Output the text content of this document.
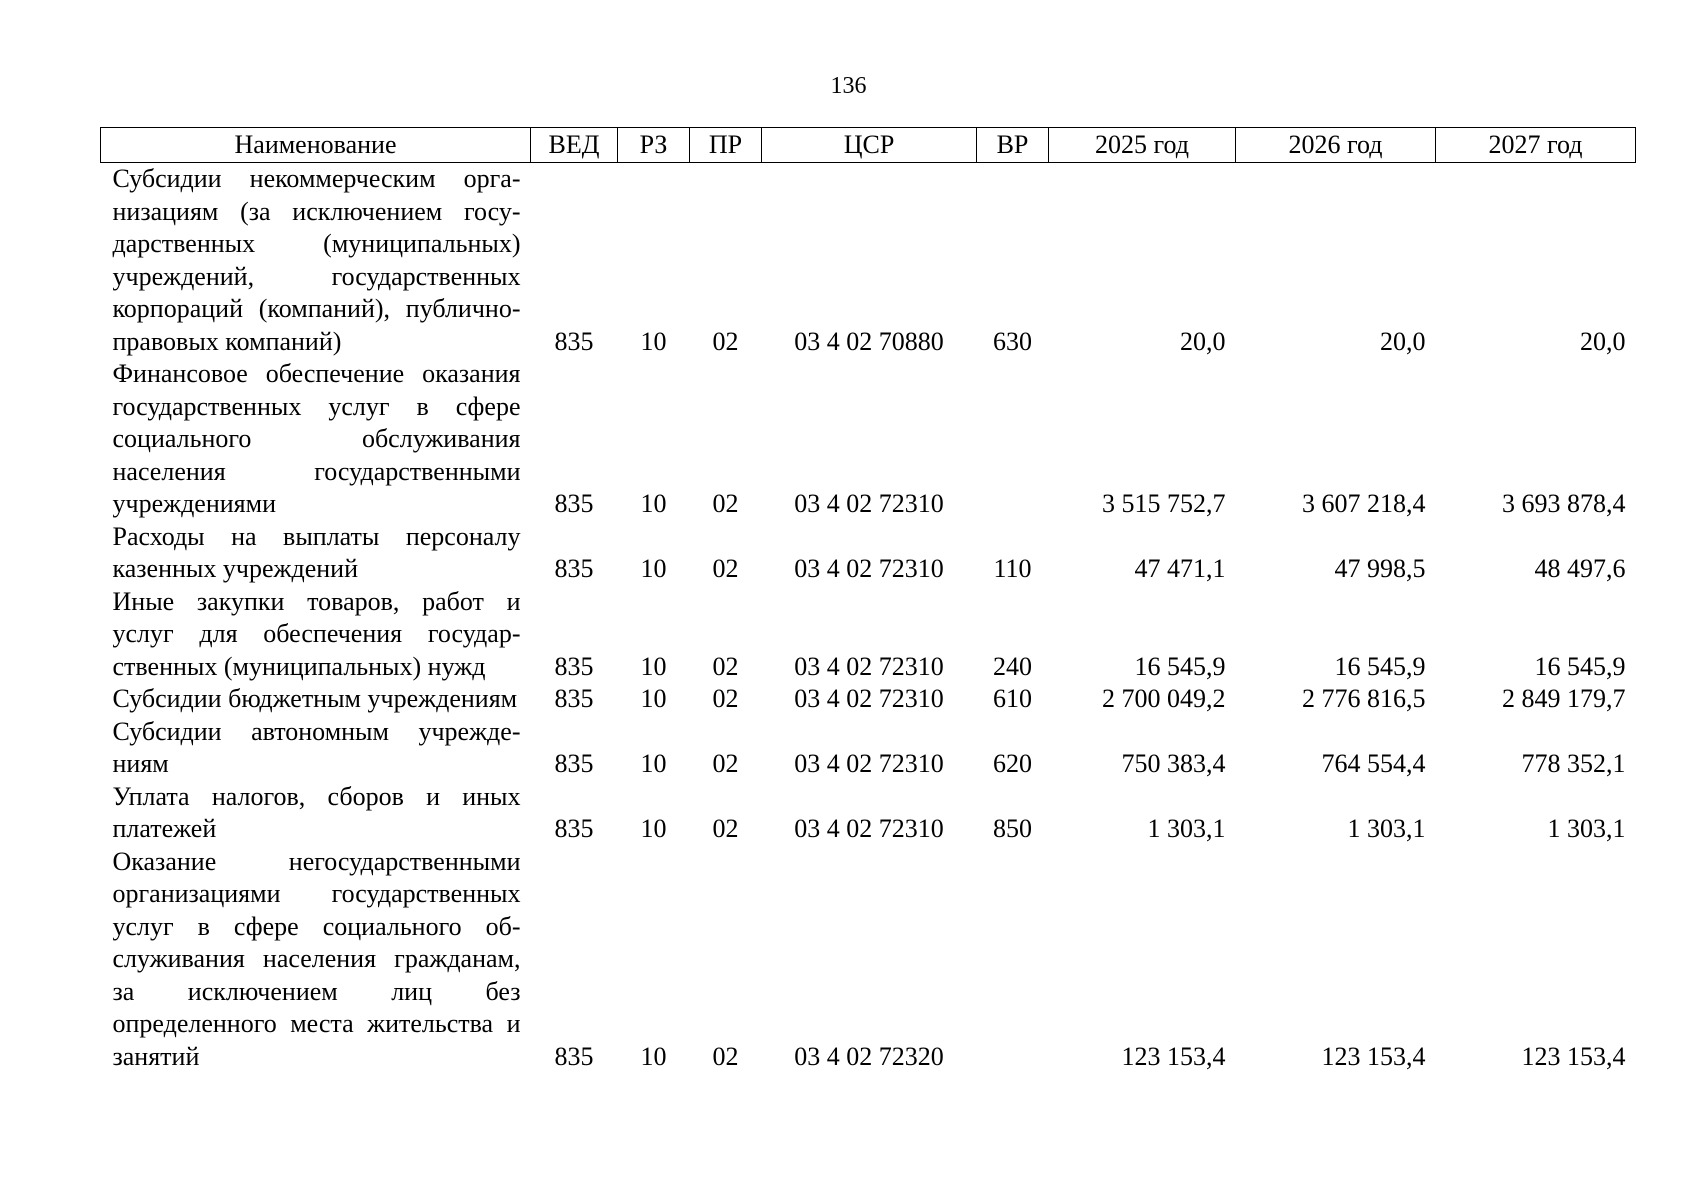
136
Наименование	ВЕД	РЗ	ПР	ЦСР	ВР	2025 год	2026 год	2027 год
Субсидии некоммерческим организациям (за исключением государственных (муниципальных) учреждений, государственных корпораций (компаний), публично-правовых компаний)	835	10	02	03 4 02 70880	630	20,0	20,0	20,0
Финансовое обеспечение оказания государственных услуг в сфере социального обслуживания населения государственными учреждениями	835	10	02	03 4 02 72310		3 515 752,7	3 607 218,4	3 693 878,4
Расходы на выплаты персоналу казенных учреждений	835	10	02	03 4 02 72310	110	47 471,1	47 998,5	48 497,6
Иные закупки товаров, работ и услуг для обеспечения государственных (муниципальных) нужд	835	10	02	03 4 02 72310	240	16 545,9	16 545,9	16 545,9
Субсидии бюджетным учреждениям	835	10	02	03 4 02 72310	610	2 700 049,2	2 776 816,5	2 849 179,7
Субсидии автономным учреждениям	835	10	02	03 4 02 72310	620	750 383,4	764 554,4	778 352,1
Уплата налогов, сборов и иных платежей	835	10	02	03 4 02 72310	850	1 303,1	1 303,1	1 303,1
Оказание негосударственными организациями государственных услуг в сфере социального обслуживания населения гражданам, за исключением лиц без определенного места жительства и занятий	835	10	02	03 4 02 72320		123 153,4	123 153,4	123 153,4
